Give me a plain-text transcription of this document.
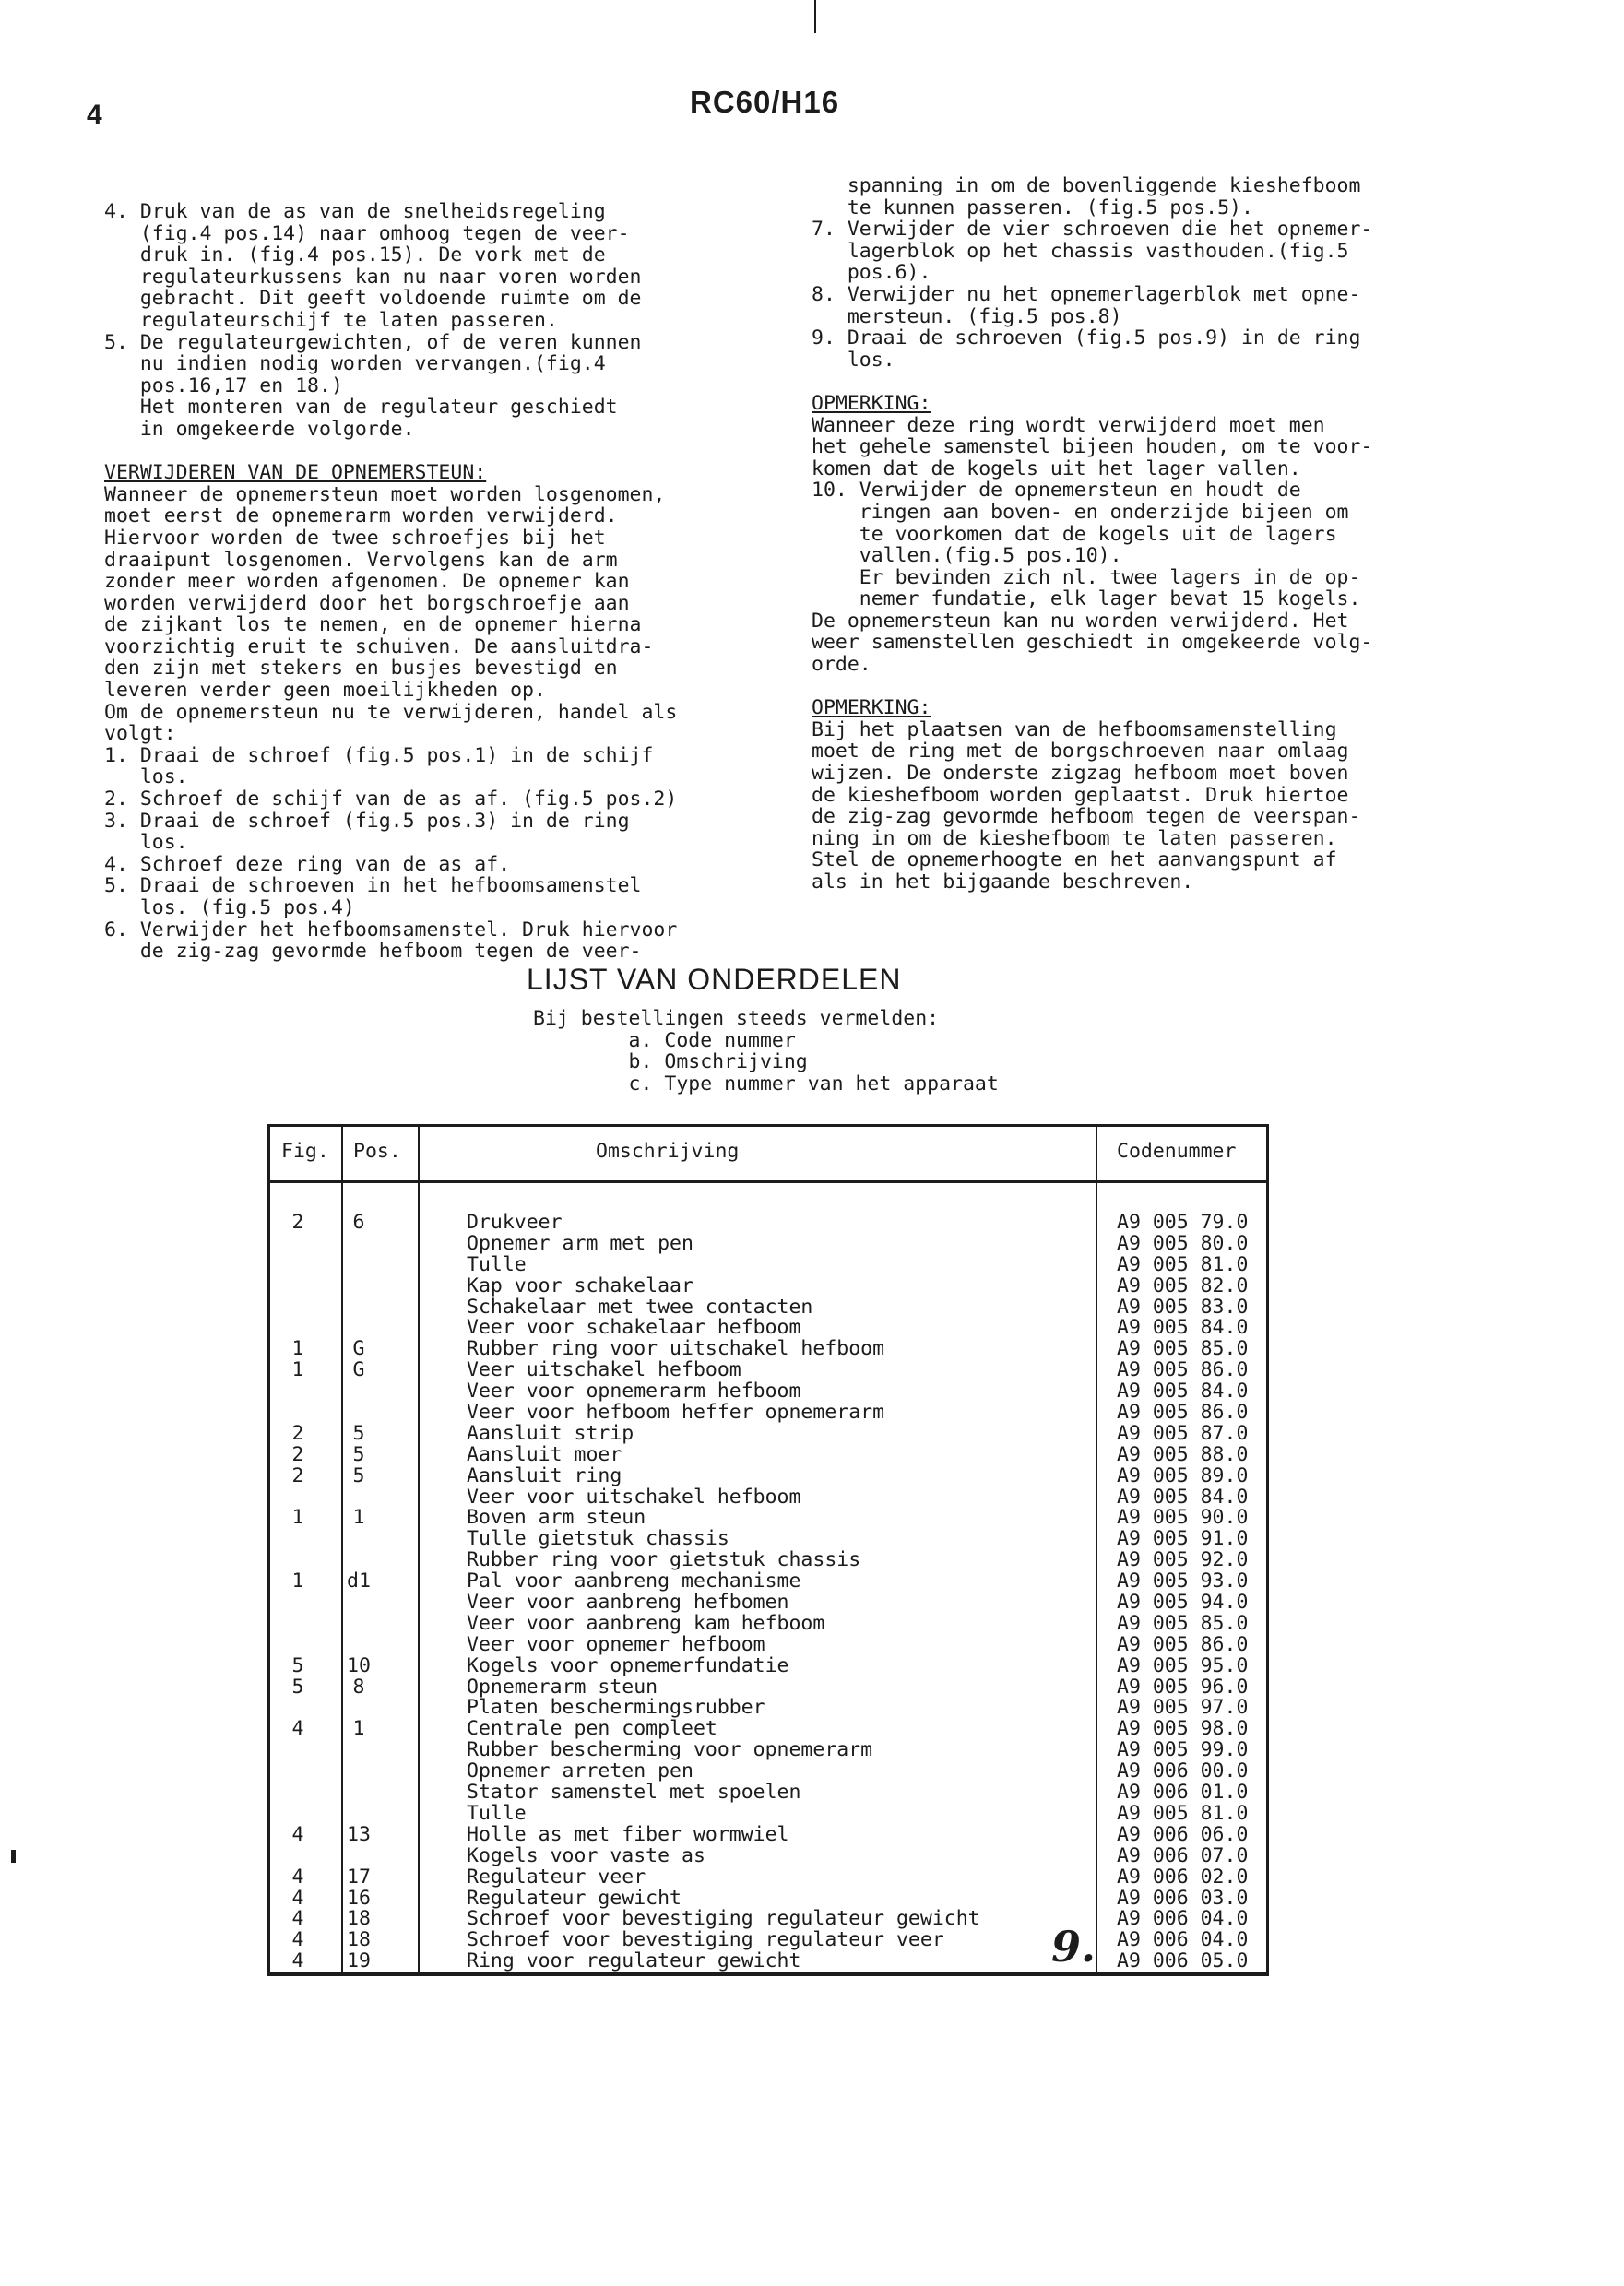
4	RC60/H16
4. Druk van de as van de snelheidsregeling
(fig.4 pos.14) naar omhoog tegen de veer-
druk in. (fig.4 pos.15). De vork met de
regulateurkussens kan nu naar voren worden
gebracht. Dit geeft voldoende ruimte om de
regulateurschijf te laten passeren.
5. De regulateurgewichten, of de veren kunnen
nu indien nodig worden vervangen.(fig.4
pos.16,17 en 18.)
Het monteren van de regulateur geschiedt
in omgekeerde volgorde.
VERWIJDEREN VAN DE OPNEMERSTEUN:
Wanneer de opnemersteun moet worden losgenomen,
moet eerst de opnemerarm worden verwijderd.
Hiervoor worden de twee schroefjes bij het
draaipunt losgenomen. Vervolgens kan de arm
zonder meer worden afgenomen. De opnemer kan
worden verwijderd door het borgschroefje aan
de zijkant los te nemen, en de opnemer hierna
voorzichtig eruit te schuiven. De aansluitdra-
den zijn met stekers en busjes bevestigd en
leveren verder geen moeilijkheden op.
Om de opnemersteun nu te verwijderen, handel als
volgt:
1. Draai de schroef (fig.5 pos.1) in de schijf
los.
2. Schroef de schijf van de as af. (fig.5 pos.2)
3. Draai de schroef (fig.5 pos.3) in de ring
los.
4. Schroef deze ring van de as af.
5. Draai de schroeven in het hefboomsamenstel
los. (fig.5 pos.4)
6. Verwijder het hefboomsamenstel. Druk hiervoor
de zig-zag gevormde hefboom tegen de veer-
spanning in om de bovenliggende kieshefboom
te kunnen passeren. (fig.5 pos.5).
7. Verwijder de vier schroeven die het opnemer-
lagerblok op het chassis vasthouden.(fig.5
pos.6).
8. Verwijder nu het opnemerlagerblok met opne-
mersteun. (fig.5 pos.8)
9. Draai de schroeven (fig.5 pos.9) in de ring
los.
OPMERKING:
Wanneer deze ring wordt verwijderd moet men
het gehele samenstel bijeen houden, om te voor-
komen dat de kogels uit het lager vallen.
10. Verwijder de opnemersteun en houdt de
ringen aan boven- en onderzijde bijeen om
te voorkomen dat de kogels uit de lagers
vallen.(fig.5 pos.10).
Er bevinden zich nl. twee lagers in de op-
nemer fundatie, elk lager bevat 15 kogels.
De opnemersteun kan nu worden verwijderd. Het
weer samenstellen geschiedt in omgekeerde volg-
orde.
OPMERKING:
Bij het plaatsen van de hefboomsamenstelling
moet de ring met de borgschroeven naar omlaag
wijzen. De onderste zigzag hefboom moet boven
de kieshefboom worden geplaatst. Druk hiertoe
de zig-zag gevormde hefboom tegen de veerspan-
ning in om de kieshefboom te laten passeren.
Stel de opnemerhoogte en het aanvangspunt af
als in het bijgaande beschreven.
LIJST VAN ONDERDELEN
Bij bestellingen steeds vermelden:
a. Code nummer
b. Omschrijving
c. Type nummer van het apparaat
Fig. Pos.	Omschrijving	Codenummer
2	6	Drukveer	A9 005 79.0
Opnemer arm met pen	A9 005 80.0
Tulle	A9 005 81.0
Kap voor schakelaar	A9 005 82.0
Schakelaar met twee contacten	A9 005 83.0
Veer voor schakelaar hefboom	A9 005 84.0
1	G	Rubber ring voor uitschakel hefboom	A9 005 85.0
1	G	Veer uitschakel hefboom	A9 005 86.0
Veer voor opnemerarm hefboom	A9 005 84.0
Veer voor hefboom heffer opnemerarm	A9 005 86.0
2	5	Aansluit strip	A9 005 87.0
2	5	Aansluit moer	A9 005 88.0
2	5	Aansluit ring	A9 005 89.0
Veer voor uitschakel hefboom	A9 005 84.0
1	1	Boven arm steun	A9 005 90.0
Tulle gietstuk chassis	A9 005 91.0
Rubber ring voor gietstuk chassis	A9 005 92.0
1	d1	Pal voor aanbreng mechanisme	A9 005 93.0
Veer voor aanbreng hefbomen	A9 005 94.0
Veer voor aanbreng kam hefboom	A9 005 85.0
Veer voor opnemer hefboom	A9 005 86.0
5	10	Kogels voor opnemerfundatie	A9 005 95.0
5	8	Opnemerarm steun	A9 005 96.0
Platen beschermingsrubber	A9 005 97.0
4	1	Centrale pen compleet	A9 005 98.0
Rubber bescherming voor opnemerarm	A9 005 99.0
Opnemer arreten pen	A9 006 00.0
Stator samenstel met spoelen	A9 006 01.0
Tulle	A9 005 81.0
4	13	Holle as met fiber wormwiel	A9 006 06.0
Kogels voor vaste as	A9 006 07.0
4	17	Regulateur veer	A9 006 02.0
4	16	Regulateur gewicht	A9 006 03.0
4	18	Schroef voor bevestiging regulateur gewicht	A9 006 04.0
4	18	Schroef voor bevestiging regulateur veer	A9 006 04.0
4	19	Ring voor regulateur gewicht	A9 006 05.0
9.
